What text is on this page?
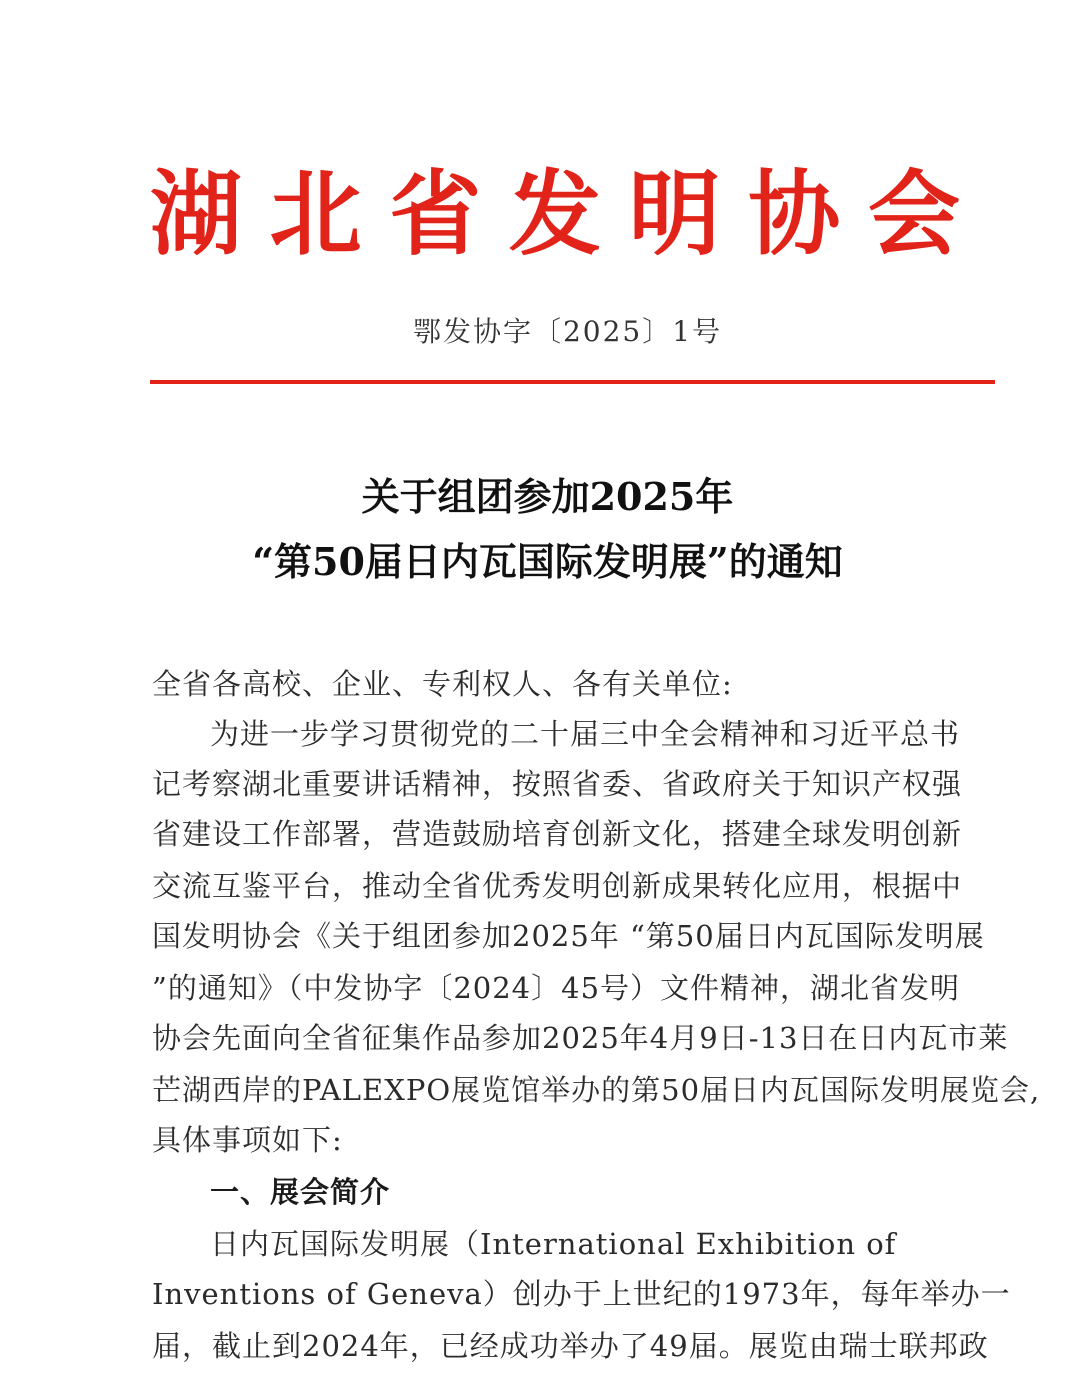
湖 北 省 发 明 协 会
鄂发协字〔2025〕1号
关于组团参加2025年
“第50届日内瓦国际发明展”的通知
全省各高校、企业、专利权人、各有关单位:
为进一步学习贯彻党的二十届三中全会精神和习近平总书
记考察湖北重要讲话精神，按照省委、省政府关于知识产权强
省建设工作部署，营造鼓励培育创新文化，搭建全球发明创新
交流互鉴平台，推动全省优秀发明创新成果转化应用，根据中
国发明协会《关于组团参加2025年 “第50届日内瓦国际发明展
”的通知》（中发协字〔2024〕45号）文件精神，湖北省发明
协会先面向全省征集作品参加2025年4月9日-13日在日内瓦市莱
芒湖西岸的PALEXPO展览馆举办的第50届日内瓦国际发明展览会,
具体事项如下:
一、展会简介
日内瓦国际发明展（International Exhibition of
Inventions of Geneva）创办于上世纪的1973年，每年举办一
届，截止到2024年，已经成功举办了49届。展览由瑞士联邦政
